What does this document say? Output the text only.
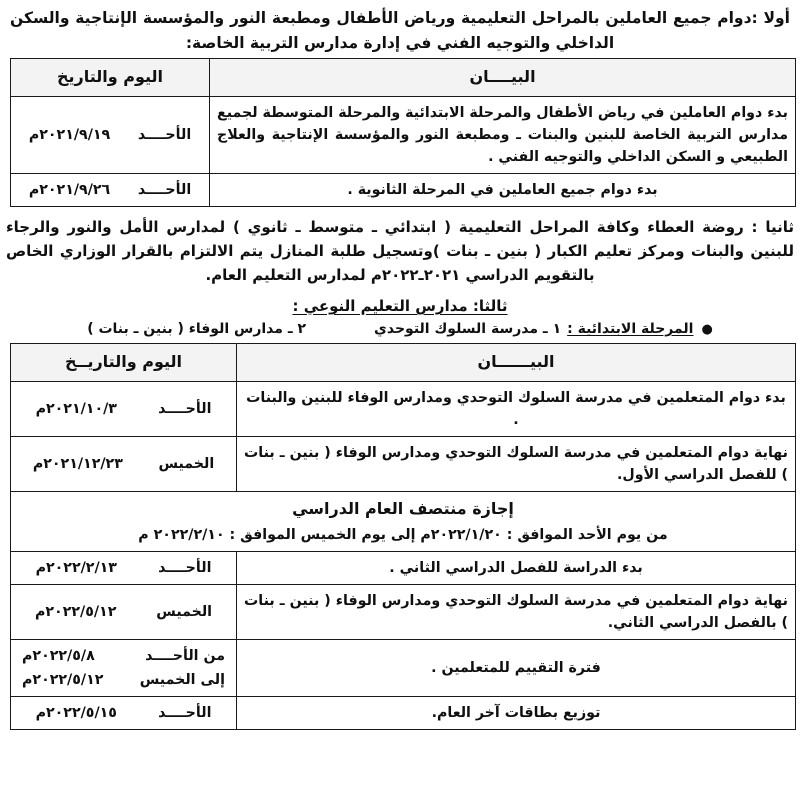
أولا :دوام جميع العاملين بالمراحل التعليمية ورياض الأطفال ومطبعة النور والمؤسسة الإنتاجية والسكن الداخلي والتوجيه الفني في إدارة مدارس التربية الخاصة:
البيــــان	اليوم والتاريخ

بدء دوام العاملين في رياض الأطفال والمرحلة الابتدائية والمرحلة المتوسطة لجميع مدارس التربية الخاصة للبنين والبنات ـ ومطبعة النور والمؤسسة الإنتاجية والعلاج الطبيعي و السكن الداخلي والتوجيه الفني .	الأحــــد
٢٠٢١/٩/١٩م

بدء دوام جميع العاملين في المرحلة الثانوية .	الأحــــد
٢٠٢١/٩/٢٦م
ثانيا : روضة العطاء وكافة المراحل التعليمية ( ابتدائي ـ متوسط ـ ثانوي ) لمدارس الأمل والنور والرجاء للبنين والبنات ومركز تعليم الكبار ( بنين ـ بنات )وتسجيل طلبة المنازل يتم الالتزام بالقرار الوزاري الخاص بالتقويم الدراسي ٢٠٢١ـ٢٠٢٢م لمدارس التعليم العام.
ثالثا: مدارس التعليم النوعي :
●
المرحلة الابتدائية :
١ ـ مدرسة السلوك التوحدي
٢ ـ مدارس الوفاء ( بنين ـ بنات )
البيــــــان	اليوم والتاريــخ

بدء دوام المتعلمين في مدرسة السلوك التوحدي ومدارس الوفاء للبنين والبنات .	الأحــــد
٢٠٢١/١٠/٣م

نهاية دوام المتعلمين في مدرسة السلوك التوحدي ومدارس الوفاء ( بنين ـ بنات ) للفصل الدراسي الأول.	الخميس
٢٠٢١/١٢/٢٣م

إجازة منتصف العام الدراسي
من يوم الأحد الموافق : ٢٠٢٢/١/٢٠م إلى يوم الخميس الموافق : ٢٠٢٢/٢/١٠ م	

بدء الدراسة للفصل الدراسي الثاني .	الأحــــد
٢٠٢٢/٢/١٣م

نهاية دوام المتعلمين في مدرسة السلوك التوحدي ومدارس الوفاء ( بنين ـ بنات ) بالفصل الدراسي الثاني.	الخميس
٢٠٢٢/٥/١٢م

فترة التقييم للمتعلمين .	من الأحــــد
٢٠٢٢/٥/٨م
إلى الخميس
٢٠٢٢/٥/١٢م

توزيع بطاقات آخر العام.	الأحــــد
٢٠٢٢/٥/١٥م
